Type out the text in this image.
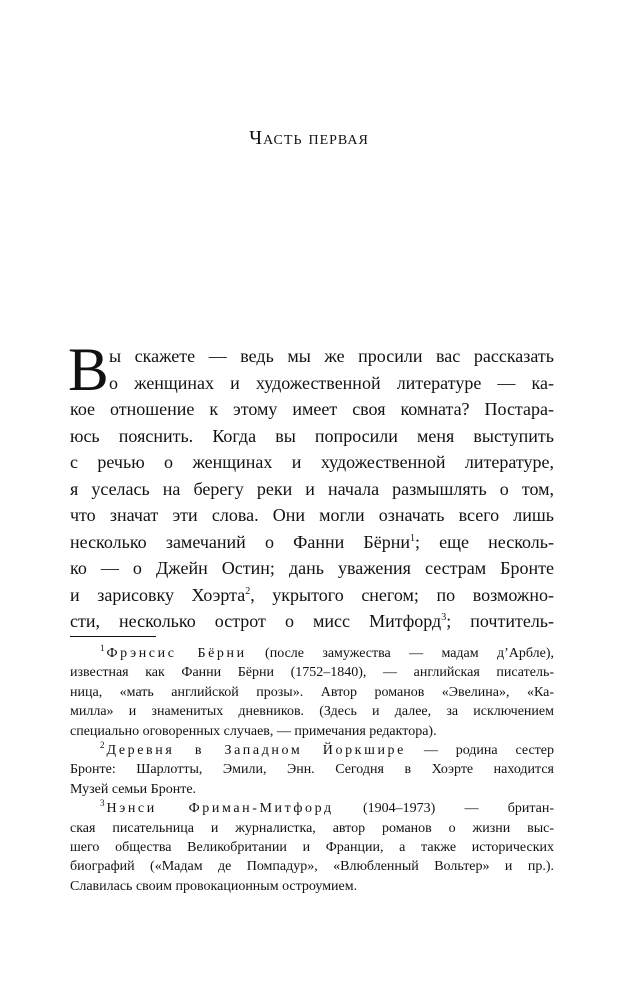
Часть первая
В ы скажете — ведь мы же просили вас рассказать
о женщинах и художественной литературе — ка-
кое отношение к этому имеет своя комната? Постара-
юсь пояснить. Когда вы попросили меня выступить
с речью о женщинах и художественной литературе,
я уселась на берегу реки и начала размышлять о том,
что значат эти слова. Они могли означать всего лишь
несколько замечаний о Фанни Бёрни$^1$; еще несколь-
ко — о Джейн Остин; дань уважения сестрам Бронте
и зарисовку Хоэрта$^2$, укрытого снегом; по возможно-
сти, несколько острот о мисс Митфорд$^3$; почтитель-
$^1$ Фрэнсис Бёрни (после замужества — мадам д’Арбле),
известная как Фанни Бёрни (1752–1840), — английская писатель-
ница, «мать английской прозы». Автор романов «Эвелина», «Ка-
милла» и знаменитых дневников. (Здесь и далее, за исключением
специально оговоренных случаев, — примечания редактора).
$^2$ Деревня в Западном Йоркшире — родина сестер
Бронте: Шарлотты, Эмили, Энн. Сегодня в Хоэрте находится
Музей семьи Бронте.
$^3$ Нэнси Фриман-Митфорд (1904–1973) — британ-
ская писательница и журналистка, автор романов о жизни выс-
шего общества Великобритании и Франции, а также исторических
биографий («Мадам де Помпадур», «Влюбленный Вольтер» и пр.).
Славилась своим провокационным остроумием.
